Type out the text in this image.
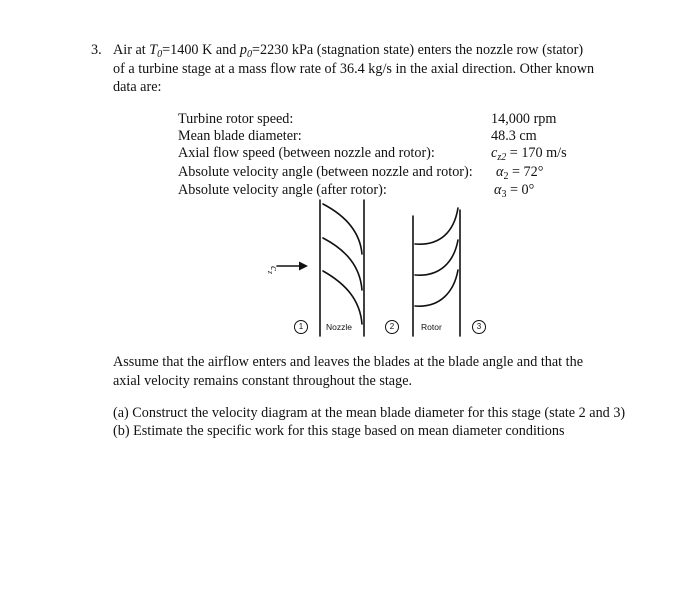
3. Air at $T_0=1400$ K and $p_0=2230$ kPa (stagnation state) enters the nozzle row (stator)
of a turbine stage at a mass flow rate of 36.4 kg/s in the axial direction. Other known
data are:
Turbine rotor speed:	14,000 rpm
Mean blade diameter:	48.3 cm
Axial flow speed (between nozzle and rotor):	$c_{z2} = 170$ m/s
Absolute velocity angle (between nozzle and rotor): $\alpha_2 = 72^\circ$
Absolute velocity angle (after rotor):	$\alpha_3 = 0^\circ$
$c_z$
1	Nozzle	2	Rotor	3
Assume that the airflow enters and leaves the blades at the blade angle and that the
axial velocity remains constant throughout the stage.
(a) Construct the velocity diagram at the mean blade diameter for this stage (state 2 and 3)
(b) Estimate the specific work for this stage based on mean diameter conditions
